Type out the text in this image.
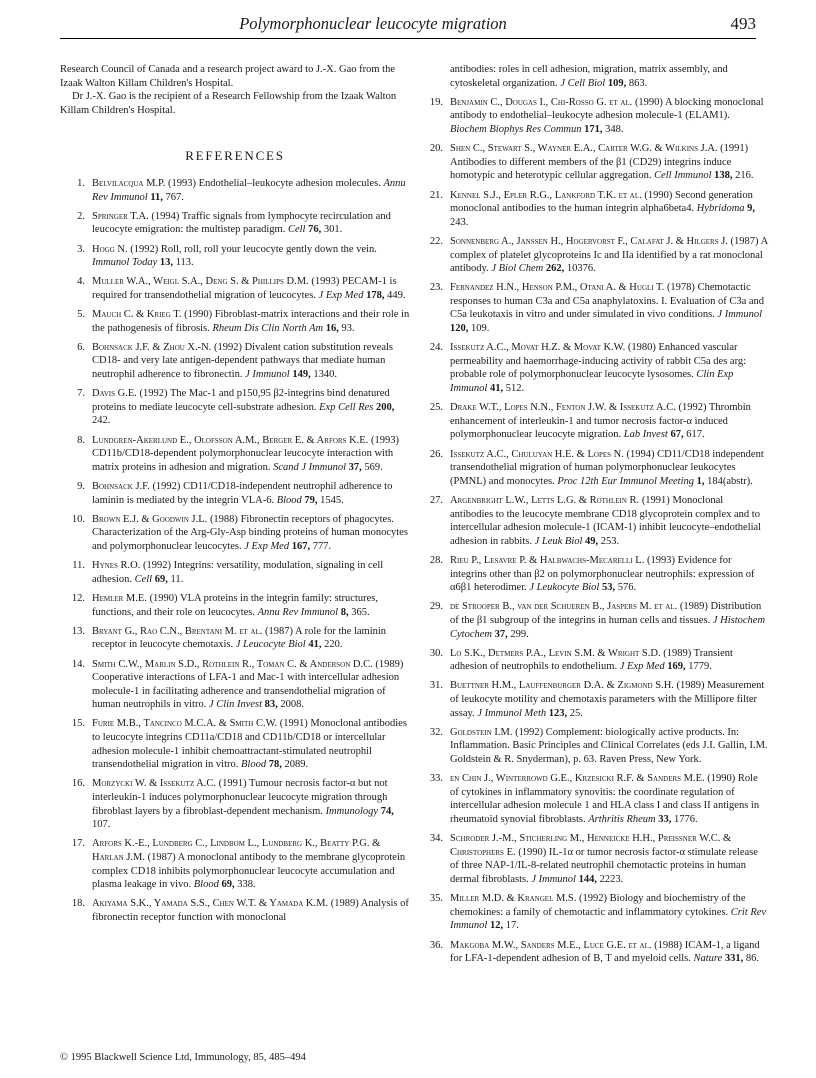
Polymorphonuclear leucocyte migration	493

Research Council of Canada and a research project award to J.-X. Gao from the Izaak Walton Killam Children's Hospital.

Dr J.-X. Gao is the recipient of a Research Fellowship from the Izaak Walton Killam Children's Hospital.

REFERENCES
1. Belvilacqua M.P. (1993) Endothelial–leukocyte adhesion molecules. Annu Rev Immunol 11, 767.
2. Springer T.A. (1994) Traffic signals from lymphocyte recirculation and leucocyte emigration: the multistep paradigm. Cell 76, 301.
3. Hogg N. (1992) Roll, roll, roll your leucocyte gently down the vein. Immunol Today 13, 113.
4. Muller W.A., Weigl S.A., Deng S. & Phillips D.M. (1993) PECAM-1 is required for transendothelial migration of leucocytes. J Exp Med 178, 449.
5. Mauch C. & Krieg T. (1990) Fibroblast-matrix interactions and their role in the pathogenesis of fibrosis. Rheum Dis Clin North Am 16, 93.
6. Bohnsack J.F. & Zhou X.-N. (1992) Divalent cation substitution reveals CD18- and very late antigen-dependent pathways that mediate human neutrophil adherence to fibronectin. J Immunol 149, 1340.
7. Davis G.E. (1992) The Mac-1 and p150,95 β2-integrins bind denatured proteins to mediate leucocyte cell-substrate adhesion. Exp Cell Res 200, 242.
8. Lundgren-Akerlund E., Olofsson A.M., Berger E. & Arfors K.E. (1993) CD11b/CD18-dependent polymorphonuclear leucocyte interaction with matrix proteins in adhesion and migration. Scand J Immunol 37, 569.
9. Bohnsack J.F. (1992) CD11/CD18-independent neutrophil adherence to laminin is mediated by the integrin VLA-6. Blood 79, 1545.
10. Brown E.J. & Goodwin J.L. (1988) Fibronectin receptors of phagocytes. Characterization of the Arg-Gly-Asp binding proteins of human monocytes and polymorphonuclear leucocytes. J Exp Med 167, 777.
11. Hynes R.O. (1992) Integrins: versatility, modulation, signaling in cell adhesion. Cell 69, 11.
12. Hemler M.E. (1990) VLA proteins in the integrin family: structures, functions, and their role on leucocytes. Annu Rev Immunol 8, 365.
13. Bryant G., Rao C.N., Brentani M. et al. (1987) A role for the laminin receptor in leucocyte chemotaxis. J Leucocyte Biol 41, 220.
14. Smith C.W., Marlin S.D., Rothlein R., Toman C. & Anderson D.C. (1989) Cooperative interactions of LFA-1 and Mac-1 with intercellular adhesion molecule-1 in facilitating adherence and transendothelial migration of human neutrophils in vitro. J Clin Invest 83, 2008.
15. Furie M.B., Tancinco M.C.A. & Smith C.W. (1991) Monoclonal antibodies to leucocyte integrins CD11a/CD18 and CD11b/CD18 or intercellular adhesion molecule-1 inhibit chemoattractant-stimulated neutrophil transendothelial migration in vitro. Blood 78, 2089.
16. Morzycki W. & Issekutz A.C. (1991) Tumour necrosis factor-α but not interleukin-1 induces polymorphonuclear leucocyte migration through fibroblast layers by a fibroblast-dependent mechanism. Immunology 74, 107.
17. Arfors K.-E., Lundberg C., Lindbom L., Lundberg K., Beatty P.G. & Harlan J.M. (1987) A monoclonal antibody to the membrane glycoprotein complex CD18 inhibits polymorphonuclear leucocyte accumulation and plasma leakage in vivo. Blood 69, 338.
18. Akiyama S.K., Yamada S.S., Chen W.T. & Yamada K.M. (1989) Analysis of fibronectin receptor function with monoclonal
antibodies: roles in cell adhesion, migration, matrix assembly, and cytoskeletal organization. J Cell Biol 109, 863.
19. Benjamin C., Dougas I., Chi-Rosso G. et al. (1990) A blocking monoclonal antibody to endothelial–leukocyte adhesion molecule-1 (ELAM1). Biochem Biophys Res Commun 171, 348.
20. Shen C., Stewart S., Wayner E.A., Carter W.G. & Wilkins J.A. (1991) Antibodies to different members of the β1 (CD29) integrins induce homotypic and heterotypic cellular aggregation. Cell Immunol 138, 216.
21. Kennel S.J., Epler R.G., Lankford T.K. et al. (1990) Second generation monoclonal antibodies to the human integrin alpha6beta4. Hybridoma 9, 243.
22. Sonnenberg A., Janssen H., Hogervorst F., Calafat J. & Hilgers J. (1987) A complex of platelet glycoproteins Ic and IIa identified by a rat monoclonal antibody. J Biol Chem 262, 10376.
23. Fernandez H.N., Henson P.M., Otani A. & Hugli T. (1978) Chemotactic responses to human C3a and C5a anaphylatoxins. I. Evaluation of C3a and C5a leukotaxis in vitro and under simulated in vivo conditions. J Immunol 120, 109.
24. Issekutz A.C., Movat H.Z. & Movat K.W. (1980) Enhanced vascular permeability and haemorrhage-inducing activity of rabbit C5a des arg: probable role of polymorphonuclear leucocyte lysosomes. Clin Exp Immunol 41, 512.
25. Drake W.T., Lopes N.N., Fenton J.W. & Issekutz A.C. (1992) Thrombin enhancement of interleukin-1 and tumor necrosis factor-α induced polymorphonuclear leucocyte migration. Lab Invest 67, 617.
26. Issekutz A.C., Chuluyan H.E. & Lopes N. (1994) CD11/CD18 independent transendothelial migration of human polymorphonuclear leukocytes (PMNL) and monocytes. Proc 12th Eur Immunol Meeting 1, 184(abstr).
27. Argenbright L.W., Letts L.G. & Rothlein R. (1991) Monoclonal antibodies to the leucocyte membrane CD18 glycoprotein complex and to intercellular adhesion molecule-1 (ICAM-1) inhibit leucocyte–endothelial adhesion in rabbits. J Leuk Biol 49, 253.
28. Rieu P., Lesavre P. & Halbwachs-Mecarelli L. (1993) Evidence for integrins other than β2 on polymorphonuclear neutrophils: expression of α6β1 heterodimer. J Leukocyte Biol 53, 576.
29. de Strooper B., van der Schueren B., Jaspers M. et al. (1989) Distribution of the β1 subgroup of the integrins in human cells and tissues. J Histochem Cytochem 37, 299.
30. Lo S.K., Detmers P.A., Levin S.M. & Wright S.D. (1989) Transient adhesion of neutrophils to endothelium. J Exp Med 169, 1779.
31. Buettner H.M., Lauffenburger D.A. & Zigmond S.H. (1989) Measurement of leukocyte motility and chemotaxis parameters with the Millipore filter assay. J Immunol Meth 123, 25.
32. Goldstein I.M. (1992) Complement: biologically active products. In: Inflammation. Basic Principles and Clinical Correlates (eds J.I. Gallin, I.M. Goldstein & R. Snyderman), p. 63. Raven Press, New York.
33. en Chin J., Winterrowd G.E., Krzesicki R.F. & Sanders M.E. (1990) Role of cytokines in inflammatory synovitis: the coordinate regulation of intercellular adhesion molecule 1 and HLA class I and class II antigens in rheumatoid synovial fibroblasts. Arthritis Rheum 33, 1776.
34. Schroder J.-M., Sticherling M., Henneicke H.H., Preissner W.C. & Christophers E. (1990) IL-1α or tumor necrosis factor-α stimulate release of three NAP-1/IL-8-related neutrophil chemotactic proteins in human dermal fibroblasts. J Immunol 144, 2223.
35. Miller M.D. & Krangel M.S. (1992) Biology and biochemistry of the chemokines: a family of chemotactic and inflammatory cytokines. Crit Rev Immunol 12, 17.
36. Makgoba M.W., Sanders M.E., Luce G.E. et al. (1988) ICAM-1, a ligand for LFA-1-dependent adhesion of B, T and myeloid cells. Nature 331, 86.
© 1995 Blackwell Science Ltd, Immunology, 85, 485–494
